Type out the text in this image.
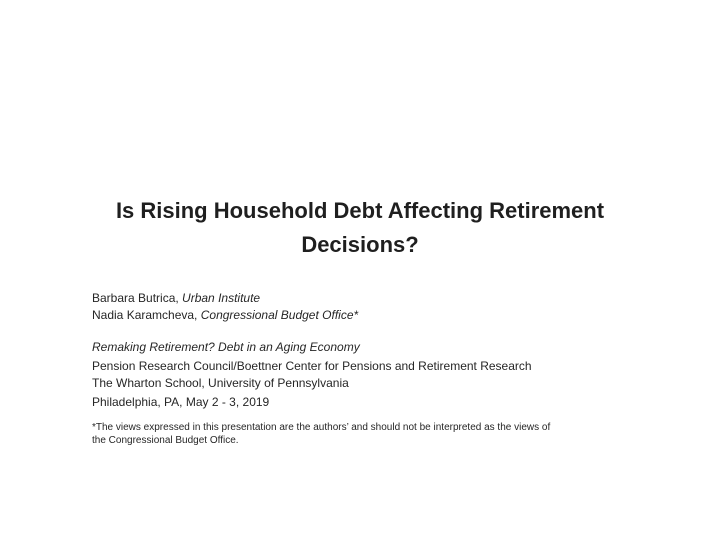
Is Rising Household Debt Affecting Retirement
Decisions?
Barbara Butrica, Urban Institute
Nadia Karamcheva, Congressional Budget Office*
Remaking Retirement? Debt in an Aging Economy
Pension Research Council/Boettner Center for Pensions and Retirement Research
The Wharton School, University of Pennsylvania
Philadelphia, PA, May 2 - 3, 2019
*The views expressed in this presentation are the authors’ and should not be interpreted as the views of
the Congressional Budget Office.
